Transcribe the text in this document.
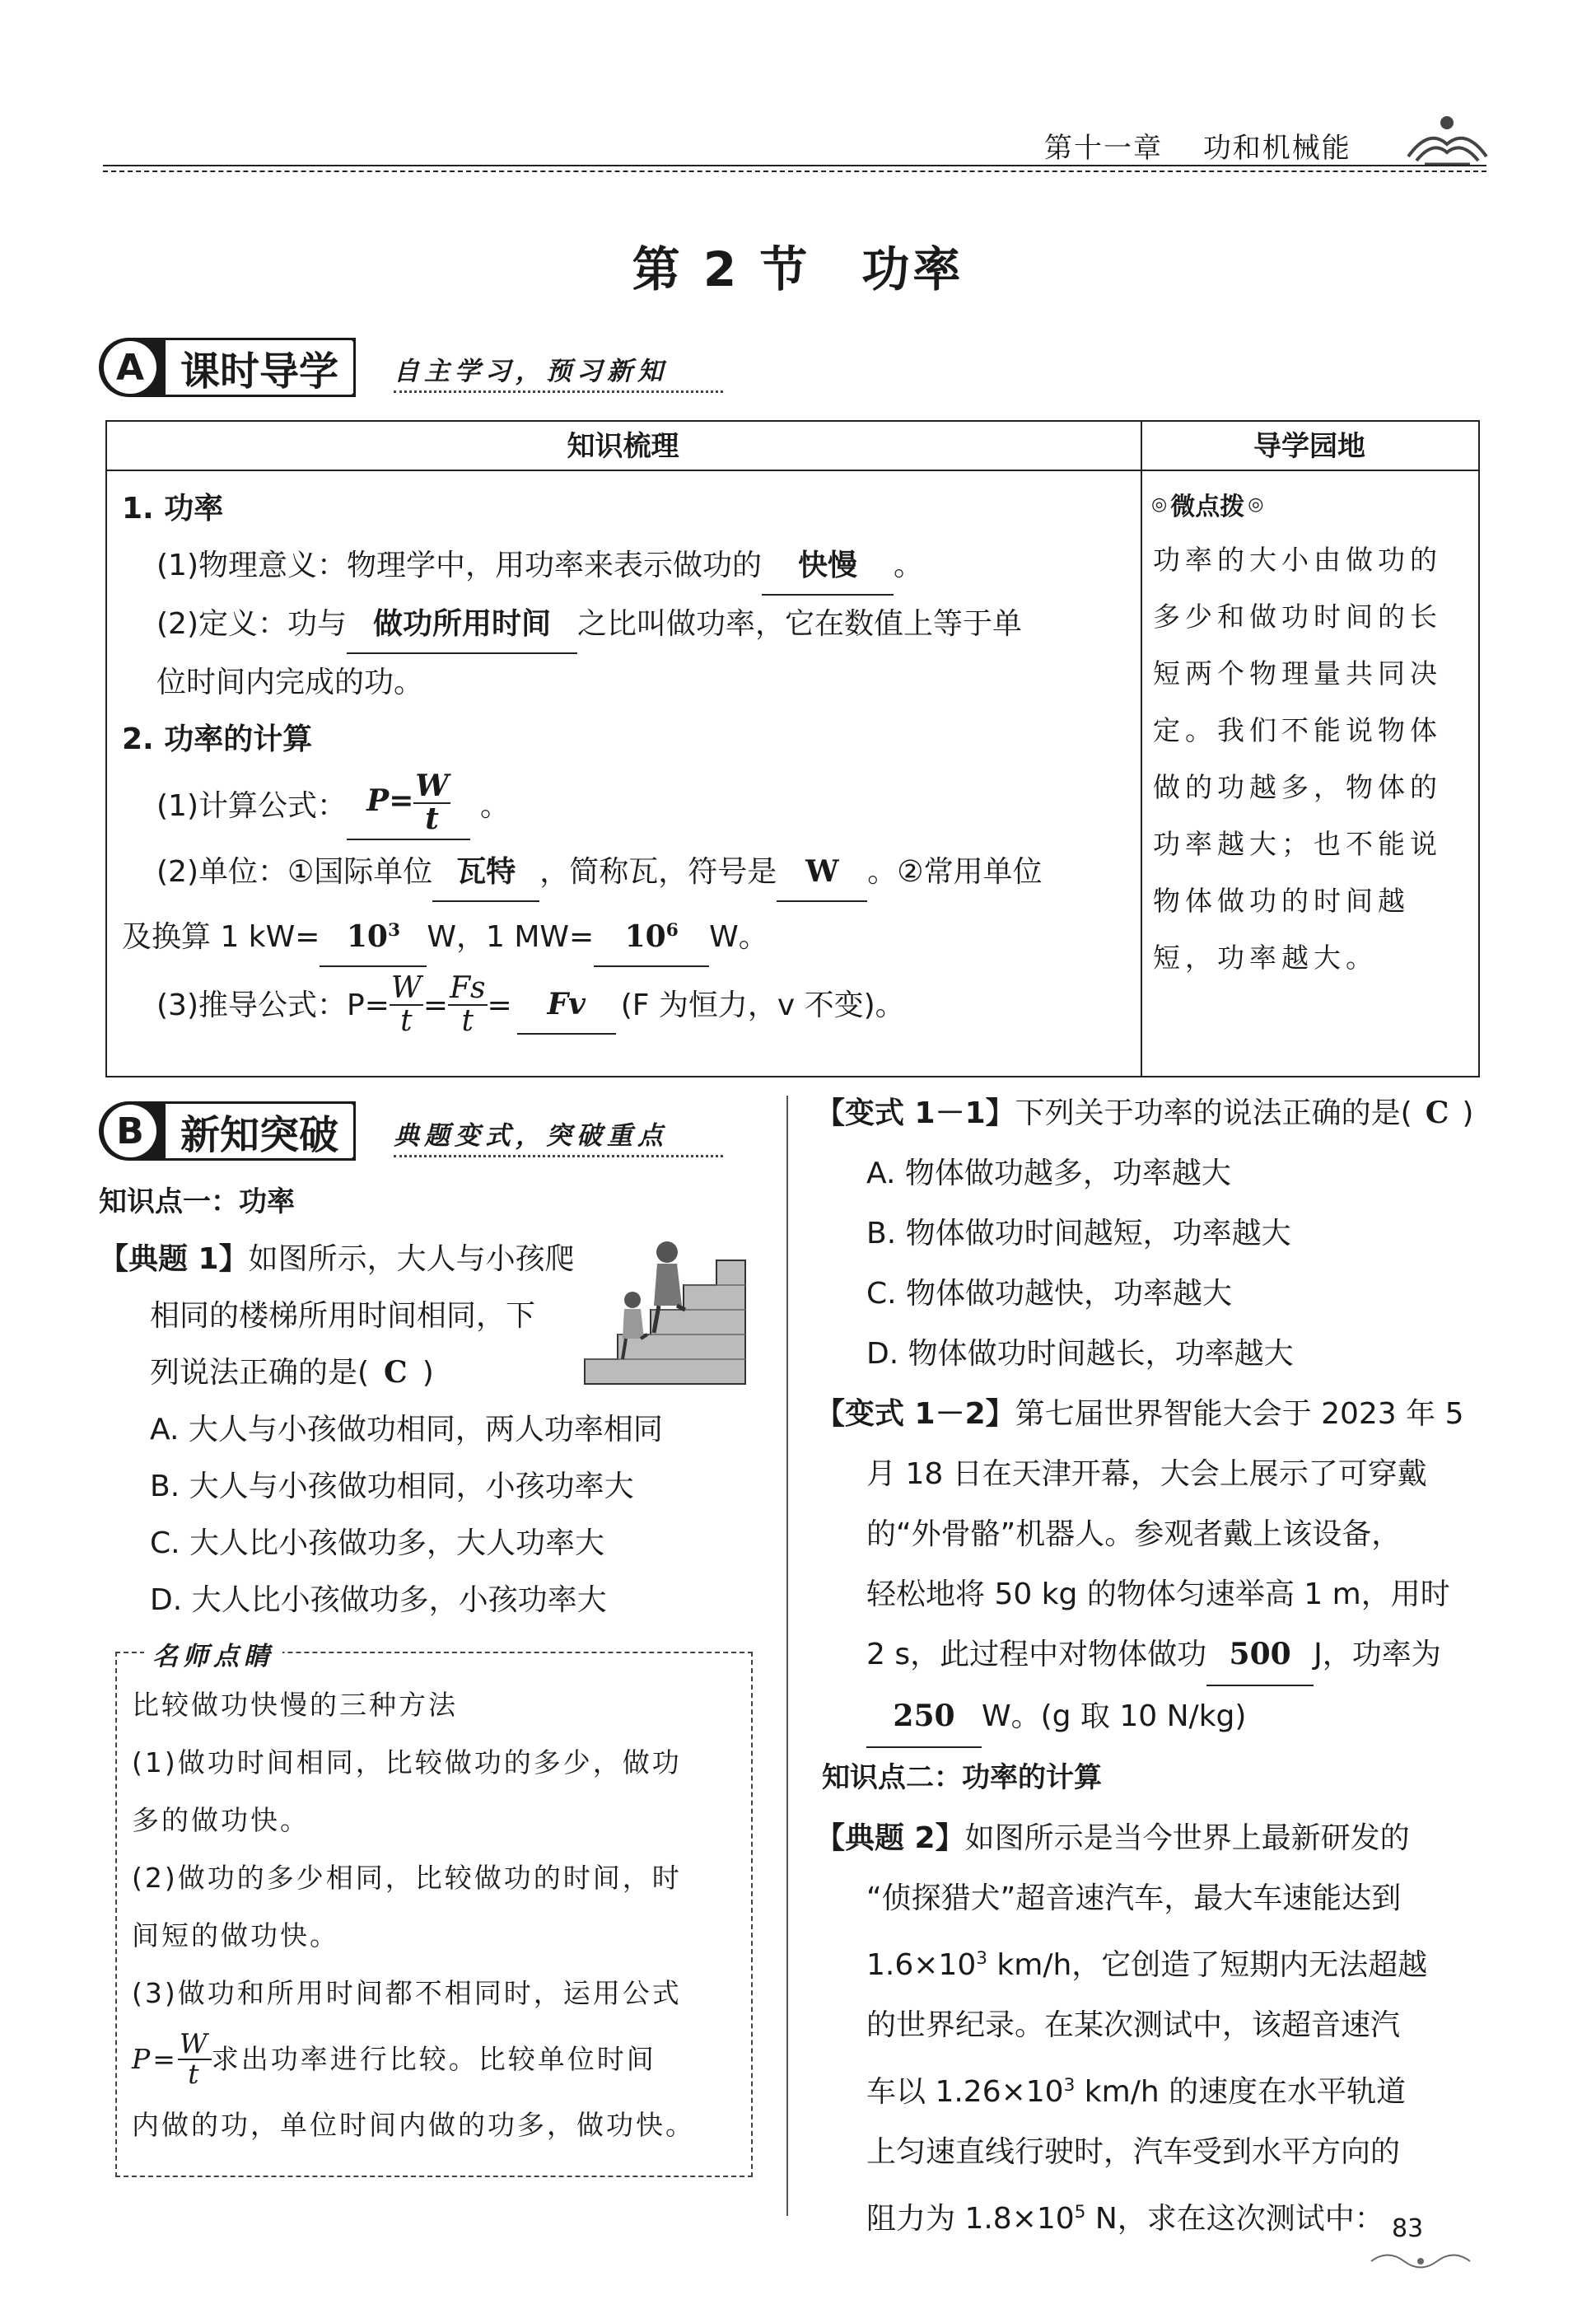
第十一章 功和机械能
第 2 节　功率
A 课时导学	自主学习，预习新知
知识梳理	导学园地
1. 功率
(1)物理意义：物理学中，用功率来表示做功的 快慢 。
(2)定义：功与 做功所用时间 之比叫做功率，它在数值上等于单
位时间内完成的功。
2. 功率的计算
(1)计算公式： $P= \frac{W}{t}$ 。
(2)单位：①国际单位 瓦特 ，简称瓦，符号是 W 。②常用单位
及换算 1 $kW= 10^3$ W，1 $MW= 10^6$ W。
(3)推导公式：$P= \frac{W}{t} = \frac{Fs}{t}$ =	Fv	(F 为恒力，v 不变)。
◎ 微点拨 ◎
功率的大小由做功的
多少和做功时间的长
短两个物理量共同决
定。我们不能说物体
做的功越多，物体的
功率越大；也不能说
物体做功的时间越
短，功率越大。
B 新知突破	典题变式，突破重点
知识点一：功率
【典题 1】如图所示，大人与小孩爬
相同的楼梯所用时间相同，下
列说法正确的是( C )
A. 大人与小孩做功相同，两人功率相同
B. 大人与小孩做功相同，小孩功率大
C. 大人比小孩做功多，大人功率大
D. 大人比小孩做功多，小孩功率大
名师点睛
比较做功快慢的三种方法
(1)做功时间相同，比较做功的多少，做功
多的做功快。
(2)做功的多少相同，比较做功的时间，时
间短的做功快。
(3)做功和所用时间都不相同时，运用公式
$P= \frac{W}{t}$ 求出功率进行比较。比较单位时间
内做的功，单位时间内做的功多，做功快。
【变式 1－1】下列关于功率的说法正确的是( C )
A. 物体做功越多，功率越大
B. 物体做功时间越短，功率越大
C. 物体做功越快，功率越大
D. 物体做功时间越长，功率越大
【变式 1－2】第七届世界智能大会于 2023 年 5
月 18 日在天津开幕，大会上展示了可穿戴
的“外骨骼”机器人。参观者戴上该设备，
轻松地将 50 kg 的物体匀速举高 1 m，用时
2 s，此过程中对物体做功 500 J，功率为
250 W。(g 取 10 N/kg)
知识点二：功率的计算
【典题 2】如图所示是当今世界上最新研发的
“侦探猎犬”超音速汽车，最大车速能达到
$1.6\times 10^3$ km/h，它创造了短期内无法超越
的世界纪录。在某次测试中，该超音速汽
车以 $1.26\times 10^3$ km/h 的速度在水平轨道
上匀速直线行驶时，汽车受到水平方向的
阻力为 $1.8\times 10^5$ N，求在这次测试中： 83
